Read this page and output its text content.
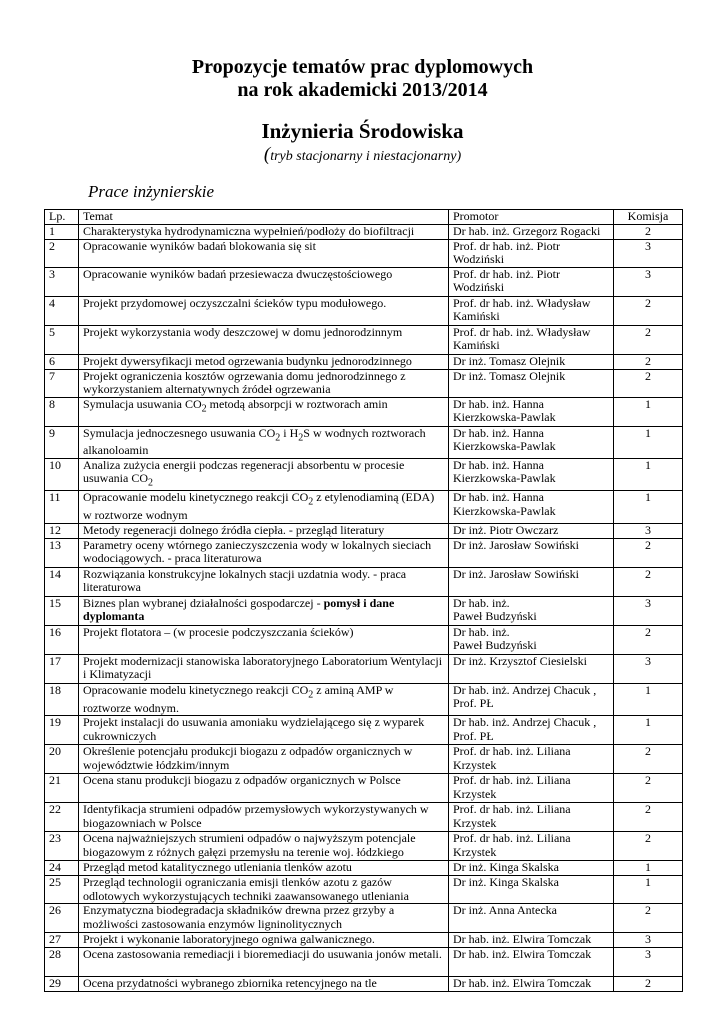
Propozycje tematów prac dyplomowych
na rok akademicki 2013/2014
Inżynieria Środowiska

(tryb stacjonarny i niestacjonarny)

Prace inżynierskie

Lp.	Temat	Promotor	Komisja
1	Charakterystyka hydrodynamiczna wypełnień/podłoży do biofiltracji	Dr hab. inż. Grzegorz Rogacki	2
2	Opracowanie wyników badań blokowania się sit	Prof. dr hab. inż. Piotr Wodziński	3
3	Opracowanie wyników badań przesiewacza dwuczęstościowego	Prof. dr hab. inż. Piotr Wodziński	3
4	Projekt przydomowej oczyszczalni ścieków typu modułowego.	Prof. dr hab. inż. Władysław Kamiński	2
5	Projekt wykorzystania wody deszczowej w domu jednorodzinnym	Prof. dr hab. inż. Władysław Kamiński	2
6	Projekt dywersyfikacji metod ogrzewania budynku jednorodzinnego	Dr inż. Tomasz Olejnik	2
7	Projekt ograniczenia kosztów ogrzewania domu jednorodzinnego z wykorzystaniem alternatywnych źródeł ogrzewania	Dr inż. Tomasz Olejnik	2
8	Symulacja usuwania $CO_2$ metodą absorpcji w roztworach amin	Dr hab. inż. Hanna Kierzkowska-Pawlak	1
9	Symulacja jednoczesnego usuwania $CO_2$ i $H_2S$ w wodnych roztworach alkanoloamin	Dr hab. inż. Hanna Kierzkowska-Pawlak	1
10	Analiza zużycia energii podczas regeneracji absorbentu w procesie usuwania $CO_2$	Dr hab. inż. Hanna Kierzkowska-Pawlak	1
11	Opracowanie modelu kinetycznego reakcji $CO_2$ z etylenodiaminą (EDA) w roztworze wodnym	Dr hab. inż. Hanna Kierzkowska-Pawlak	1
12	Metody regeneracji dolnego źródła ciepła. - przegląd literatury	Dr inż. Piotr Owczarz	3
13	Parametry oceny wtórnego zanieczyszczenia wody w lokalnych sieciach wodociągowych. - praca literaturowa	Dr inż. Jarosław Sowiński	2
14	Rozwiązania konstrukcyjne lokalnych stacji uzdatnia wody. - praca literaturowa	Dr inż. Jarosław Sowiński	2
15	Biznes plan wybranej działalności gospodarczej - pomysł i dane dyplomanta	Dr hab. inż.
Paweł Budzyński	3
16	Projekt flotatora – (w procesie podczyszczania ścieków)	Dr hab. inż.
Paweł Budzyński	2
17	Projekt modernizacji stanowiska laboratoryjnego Laboratorium Wentylacji i Klimatyzacji	Dr inż. Krzysztof Ciesielski	3
18	Opracowanie modelu kinetycznego reakcji $CO_2$ z aminą AMP w roztworze wodnym.	Dr hab. inż. Andrzej Chacuk , Prof. PŁ	1
19	Projekt instalacji do usuwania amoniaku wydzielającego się z wyparek cukrowniczych	Dr hab. inż. Andrzej Chacuk , Prof. PŁ	1
20	Określenie potencjału produkcji biogazu z odpadów organicznych w województwie łódzkim/innym	Prof. dr hab. inż. Liliana Krzystek	2
21	Ocena stanu produkcji biogazu z odpadów organicznych w Polsce	Prof. dr hab. inż. Liliana Krzystek	2
22	Identyfikacja strumieni odpadów przemysłowych wykorzystywanych w biogazowniach w Polsce	Prof. dr hab. inż. Liliana Krzystek	2
23	Ocena najważniejszych strumieni odpadów o najwyższym potencjale biogazowym z różnych gałęzi przemysłu na terenie woj. łódzkiego	Prof. dr hab. inż. Liliana Krzystek	2
24	Przegląd metod katalitycznego utleniania tlenków azotu	Dr inż. Kinga Skalska	1
25	Przegląd technologii ograniczania emisji tlenków azotu z gazów odlotowych wykorzystujących techniki zaawansowanego utleniania	Dr inż. Kinga Skalska	1
26	Enzymatyczna biodegradacja składników drewna przez grzyby a możliwości zastosowania enzymów ligninolitycznych	Dr inż. Anna Antecka	2
27	Projekt i wykonanie laboratoryjnego ogniwa galwanicznego.	Dr hab. inż. Elwira Tomczak	3
28	Ocena zastosowania remediacji i bioremediacji do usuwania jonów metali.	Dr hab. inż. Elwira Tomczak	3
29	Ocena przydatności wybranego zbiornika retencyjnego na tle	Dr hab. inż. Elwira Tomczak	2
